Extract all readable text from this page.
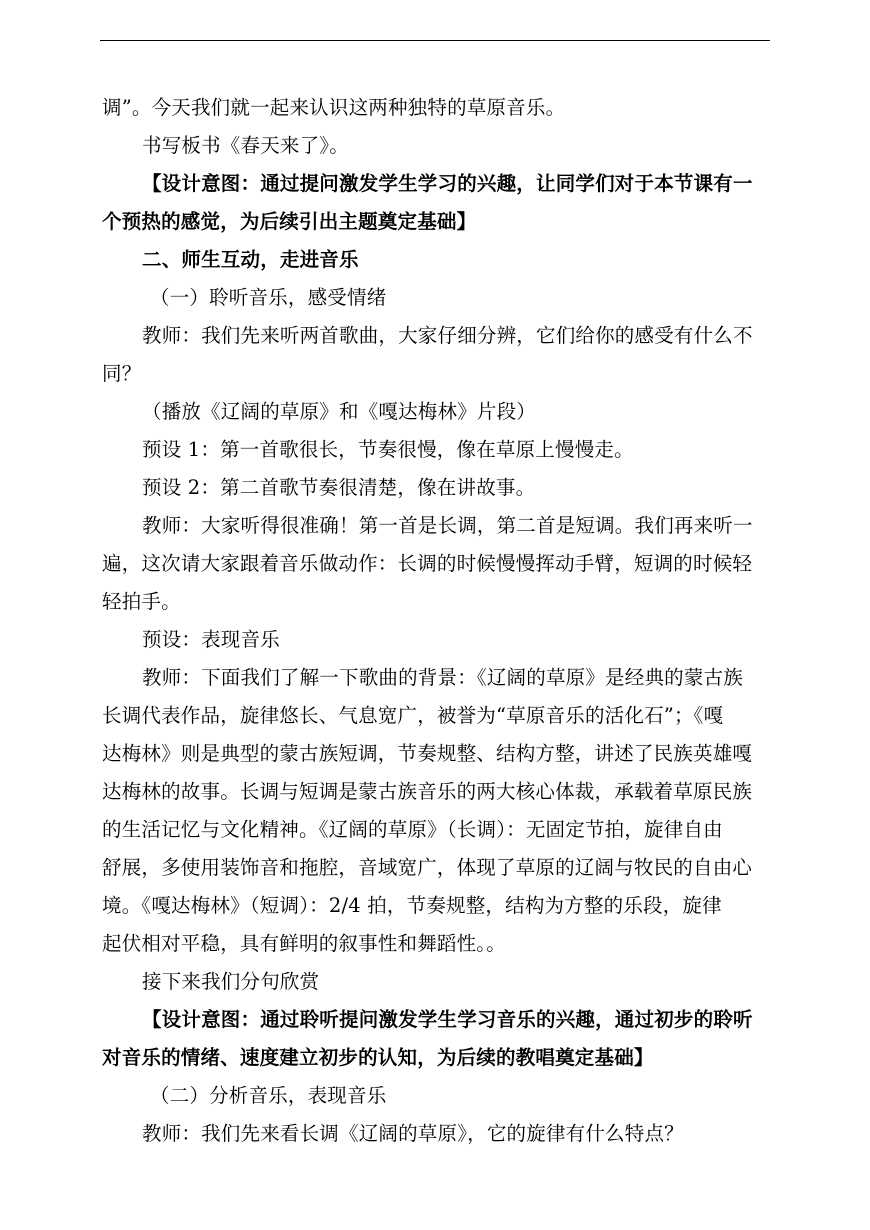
调”。今天我们就一起来认识这两种独特的草原音乐。
书写板书《春天来了》。
【设计意图：通过提问激发学生学习的兴趣，让同学们对于本节课有一
个预热的感觉，为后续引出主题奠定基础】
二、师生互动，走进音乐
（一）聆听音乐，感受情绪
教师：我们先来听两首歌曲，大家仔细分辨，它们给你的感受有什么不
同？
（播放《辽阔的草原》和《嘎达梅林》片段）
预设 1：第一首歌很长，节奏很慢，像在草原上慢慢走。
预设 2：第二首歌节奏很清楚，像在讲故事。
教师：大家听得很准确！第一首是长调，第二首是短调。我们再来听一
遍，这次请大家跟着音乐做动作：长调的时候慢慢挥动手臂，短调的时候轻
轻拍手。
预设：表现音乐
教师：下面我们了解一下歌曲的背景：《辽阔的草原》是经典的蒙古族
长调代表作品，旋律悠长、气息宽广，被誉为“草原音乐的活化石”；《嘎
达梅林》则是典型的蒙古族短调，节奏规整、结构方整，讲述了民族英雄嘎
达梅林的故事。长调与短调是蒙古族音乐的两大核心体裁，承载着草原民族
的生活记忆与文化精神。《辽阔的草原》（长调）：无固定节拍，旋律自由
舒展，多使用装饰音和拖腔，音域宽广，体现了草原的辽阔与牧民的自由心
境。《嘎达梅林》（短调）：2/4 拍，节奏规整，结构为方整的乐段，旋律
起伏相对平稳，具有鲜明的叙事性和舞蹈性。。
接下来我们分句欣赏
【设计意图：通过聆听提问激发学生学习音乐的兴趣，通过初步的聆听
对音乐的情绪、速度建立初步的认知，为后续的教唱奠定基础】
（二）分析音乐，表现音乐
教师：我们先来看长调《辽阔的草原》，它的旋律有什么特点？
